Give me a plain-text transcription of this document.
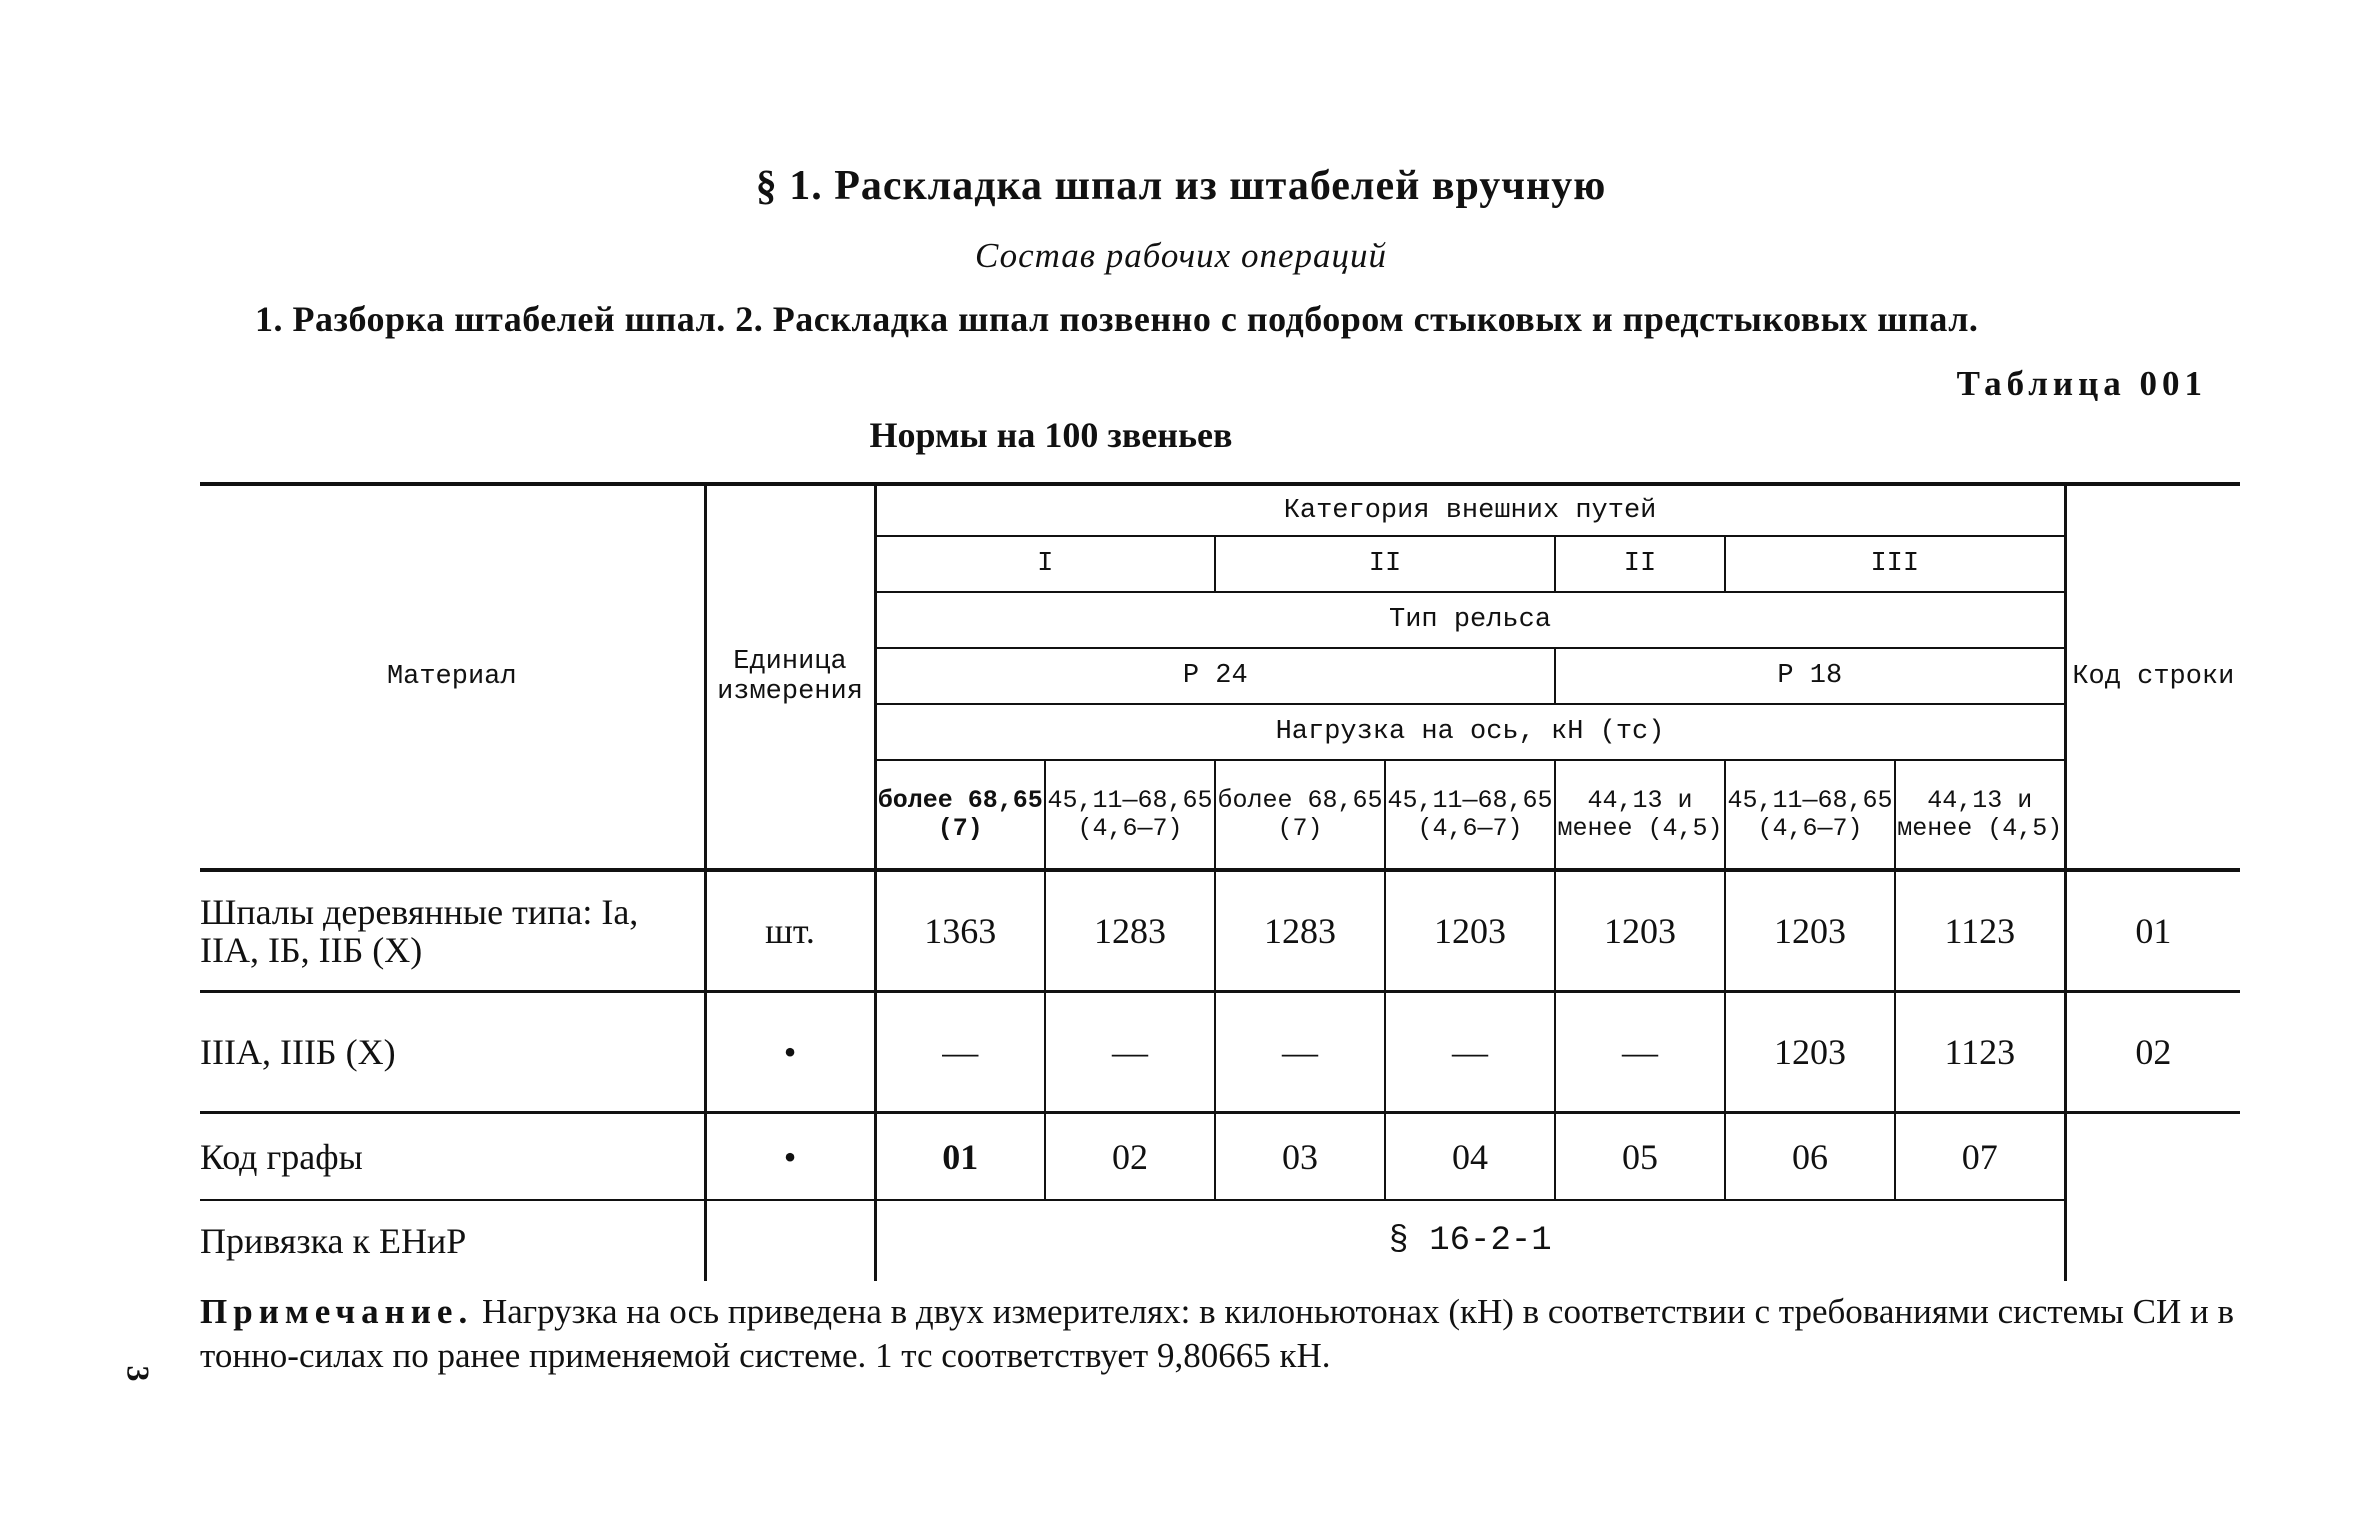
§ 1. Раскладка шпал из штабелей вручную
Состав рабочих операций
1. Разборка штабелей шпал. 2. Раскладка шпал позвенно с подбором стыковых и предстыковых шпал.
Таблица 001
Нормы на 100 звеньев
Материал	Единица измерения	Категория внешних путей							Код строки
		I		II		II	III		
		Тип рельса							
		Р 24				Р 18			
		Нагрузка на ось, кН (тс)							
		более 68,65 (7)	45,11—68,65 (4,6—7)	более 68,65 (7)	45,11—68,65 (4,6—7)	44,13 и менее (4,5)	45,11—68,65 (4,6—7)	44,13 и менее (4,5)	
Шпалы деревянные типа: Iа, IIА, IБ, IIБ (X)	шт.	1363	1283	1283	1203	1203	1203	1123	01
IIIА, IIIБ (X)	•	—	—	—	—	—	1203	1123	02
Код графы	•	01	02	03	04	05	06	07	
Привязка к ЕНиР		§ 16-2-1							
Примечание. Нагрузка на ось приведена в двух измерителях: в килоньютонах (кН) в соответствии с требованиями системы СИ и в тонно-силах по ранее применяемой системе. 1 тс соответствует 9,80665 кН.
3
